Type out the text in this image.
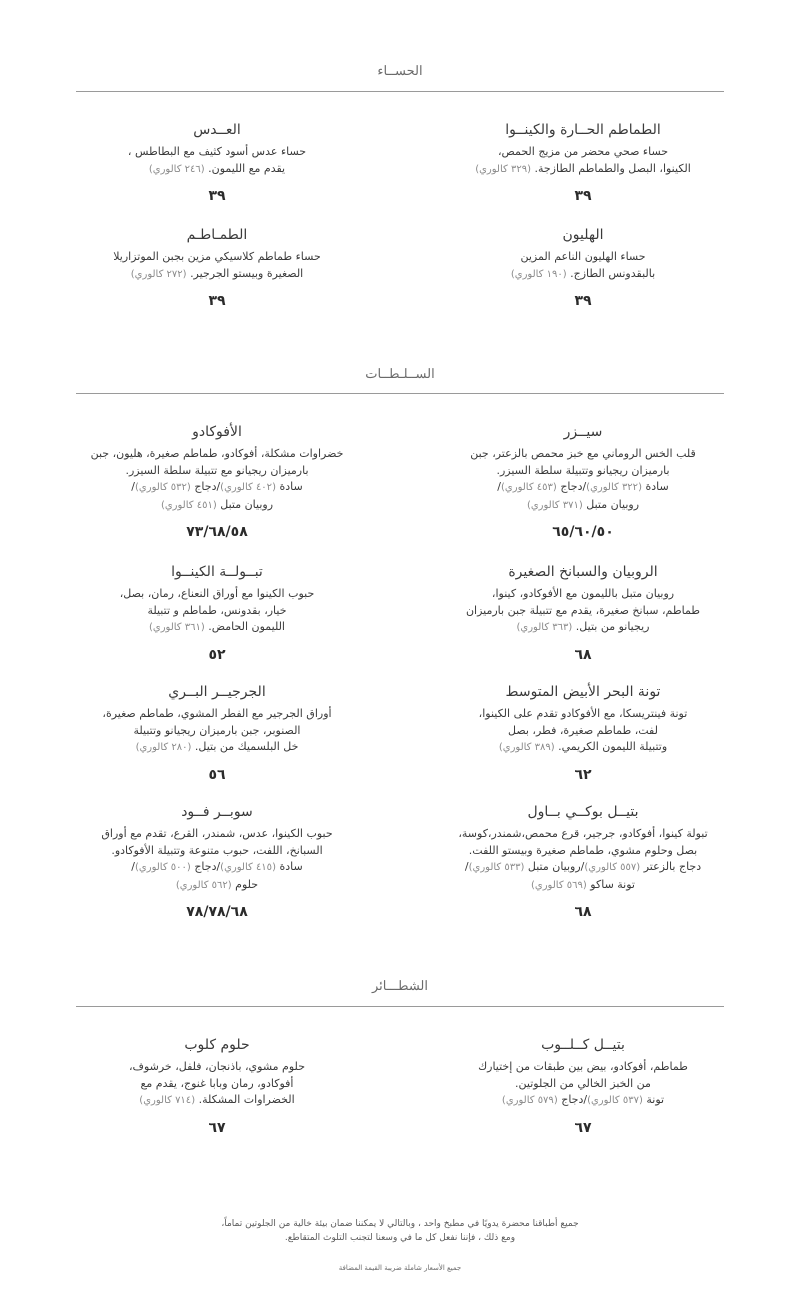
الحســاء
الطماطم الحــارة والكينــوا
حساء صحي محضر من مزيج الحمص،
الكينوا، البصل والطماطم الطازجة. (٣٢٩ كالوري)
٣٩
العــدس
حساء عدس أسود كثيف مع البطاطس ،
يقدم مع الليمون. (٢٤٦ كالوري)
٣٩
الهليون
حساء الهليون الناعم المزين
بالبقدونس الطازج. (١٩٠ كالوري)
٣٩
الطمـاطـم
حساء طماطم كلاسيكي مزين بجبن الموتزاريلا
الصغيرة وبيستو الجرجير. (٢٧٢ كالوري)
٣٩
الســلـطــات
سيــزر
قلب الخس الروماني مع خبز محمص بالزعتر، جبن
بارميزان ريجيانو وتتبيلة سلطة السيزر.
سادة (٣٢٢ كالوري)/دجاج (٤٥٣ كالوري)/
روبيان متبل (٣٧١ كالوري)
٦٥/٦٠/٥٠
الأفوكادو
خضراوات مشكلة، أفوكادو، طماطم صغيرة، هليون، جبن
بارميزان ريجيانو مع تتبيلة سلطة السيزر.
سادة (٤٠٢ كالوري)/دجاج (٥٣٢ كالوري)/
روبيان متبل (٤٥١ كالوري)
٧٣/٦٨/٥٨
الروبيان والسبانخ الصغيرة
روبيان متبل بالليمون مع الأفوكادو، كينوا،
طماطم، سبانخ صغيرة، يقدم مع تتبيلة جبن بارميزان
ريجيانو من بتيل. (٣٦٣ كالوري)
٦٨
تبــولــة الكينــوا
حبوب الكينوا مع أوراق النعناع، رمان، بصل،
خيار، بقدونس، طماطم و تتبيلة
الليمون الحامض. (٣٦١ كالوري)
٥٢
تونة البحر الأبيض المتوسط
تونة فينتريسكا، مع الأفوكادو تقدم على الكينوا،
لفت، طماطم صغيرة، فطر، بصل
وتتبيلة الليمون الكريمي. (٣٨٩ كالوري)
٦٢
الجرجيــر البــري
أوراق الجرجير مع الفطر المشوي، طماطم صغيرة،
الصنوبر، جبن بارميزان ريجيانو وتتبيلة
خل البلسميك من بتيل. (٢٨٠ كالوري)
٥٦
بتيــل بوكــي بــاول
تبولة كينوا، أفوكادو، جرجير، قرع محمص،شمندر،كوسة،
بصل وحلوم مشوي، طماطم صغيرة وبيستو اللفت.
دجاج بالزعتر (٥٥٧ كالوري)/روبيان متبل (٥٣٣ كالوري)/
تونة ساكو (٥٦٩ كالوري)
٦٨
سوبــر فــود
حبوب الكينوا، عدس، شمندر، القرع، تقدم مع أوراق
السبانخ، اللفت، حبوب متنوعة وتتبيلة الأفوكادو.
سادة (٤١٥ كالوري)/دجاج (٥٠٠ كالوري)/
حلوم (٥٦٢ كالوري)
٧٨/٧٨/٦٨
الشطـــائر
بتيــل كــلــوب
طماطم، أفوكادو، بيض بين طبقات من إختيارك
من الخبز الخالي من الجلوتين.
تونة (٥٣٧ كالوري)/دجاج (٥٧٩ كالوري)
٦٧
حلوم كلوب
حلوم مشوي، باذنجان، فلفل، خرشوف،
أفوكادو، رمان وبابا غنوج، يقدم مع
الخضراوات المشكلة. (٧١٤ كالوري)
٦٧
جميع أطباقنا محضرة يدويًا في مطبخ واحد ، وبالتالي لا يمكننا ضمان بيئة خالية من الجلوتين تماماً،
ومع ذلك ، فإننا نفعل كل ما في وسعنا لتجنب التلوث المتقاطع.
جميع الأسعار شاملة ضريبة القيمة المضافة
